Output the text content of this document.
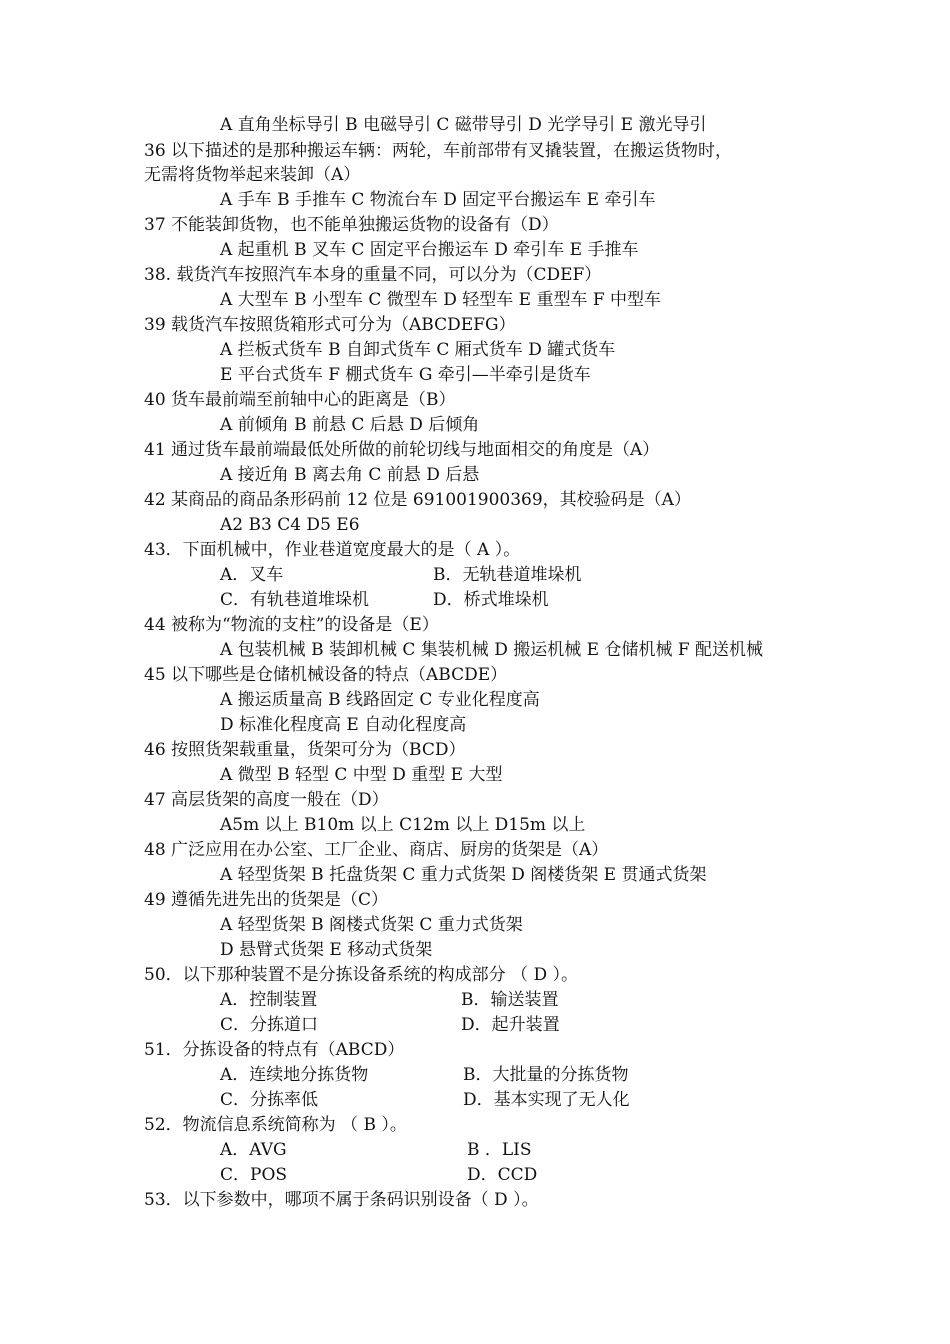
A 直角坐标导引 B 电磁导引 C 磁带导引 D 光学导引 E 激光导引
36 以下描述的是那种搬运车辆：两轮，车前部带有叉撬装置，在搬运货物时，
无需将货物举起来装卸（A）
A 手车 B 手推车 C 物流台车 D 固定平台搬运车 E 牵引车
37 不能装卸货物，也不能单独搬运货物的设备有（D）
A 起重机 B 叉车 C 固定平台搬运车 D 牵引车 E 手推车
38. 载货汽车按照汽车本身的重量不同，可以分为（CDEF）
A 大型车 B 小型车 C 微型车 D 轻型车 E 重型车 F 中型车
39 载货汽车按照货箱形式可分为（ABCDEFG）
A 拦板式货车 B 自卸式货车 C 厢式货车 D 罐式货车
E 平台式货车 F 棚式货车 G 牵引—半牵引是货车
40 货车最前端至前轴中心的距离是（B）
A 前倾角 B 前悬 C 后悬 D 后倾角
41 通过货车最前端最低处所做的前轮切线与地面相交的角度是（A）
A 接近角 B 离去角 C 前悬 D 后悬
42 某商品的商品条形码前 12 位是 691001900369，其校验码是（A）
A2 B3 C4 D5 E6
43．下面机械中，作业巷道宽度最大的是（ A ）。
A．叉车	B．无轨巷道堆垛机
C．有轨巷道堆垛机	D．桥式堆垛机
44 被称为“物流的支柱”的设备是（E）
A 包装机械 B 装卸机械 C 集装机械 D 搬运机械 E 仓储机械 F 配送机械
45 以下哪些是仓储机械设备的特点（ABCDE）
A 搬运质量高 B 线路固定 C 专业化程度高
D 标准化程度高 E 自动化程度高
46 按照货架载重量，货架可分为（BCD）
A 微型 B 轻型 C 中型 D 重型 E 大型
47 高层货架的高度一般在（D）
A5m 以上 B10m 以上 C12m 以上 D15m 以上
48 广泛应用在办公室、工厂企业、商店、厨房的货架是（A）
A 轻型货架 B 托盘货架 C 重力式货架 D 阁楼货架 E 贯通式货架
49 遵循先进先出的货架是（C）
A 轻型货架 B 阁楼式货架 C 重力式货架
D 悬臂式货架 E 移动式货架
50．以下那种装置不是分拣设备系统的构成部分 （ D ）。
A．控制装置	B．输送装置
C．分拣道口	D．起升装置
51．分拣设备的特点有（ABCD）
A．连续地分拣货物	B．大批量的分拣货物
C．分拣率低	D．基本实现了无人化
52．物流信息系统简称为 （ B ）。
A．AVG	B ．LIS
C．POS	D．CCD
53．以下参数中，哪项不属于条码识别设备（ D ）。
